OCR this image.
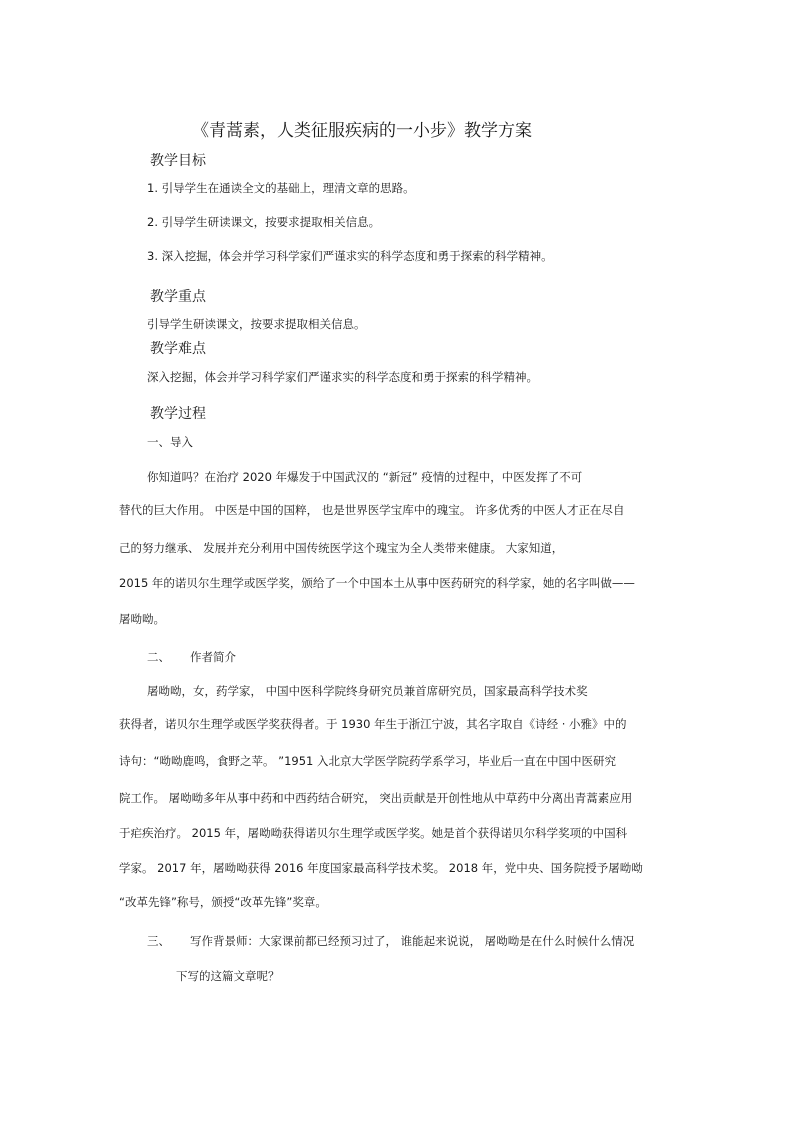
《青蒿素，人类征服疾病的一小步》教学方案
教学目标

1. 引导学生在通读全文的基础上，理清文章的思路。

2. 引导学生研读课文，按要求提取相关信息。

3. 深入挖掘，体会并学习科学家们严谨求实的科学态度和勇于探索的科学精神。

教学重点

引导学生研读课文，按要求提取相关信息。

教学难点

深入挖掘，体会并学习科学家们严谨求实的科学态度和勇于探索的科学精神。

教学过程
一、导入

你知道吗？在治疗 2020 年爆发于中国武汉的 “新冠” 疫情的过程中，中医发挥了不可

替代的巨大作用。 中医是中国的国粹， 也是世界医学宝库中的瑰宝。 许多优秀的中医人才正在尽自

己的努力继承、 发展并充分利用中国传统医学这个瑰宝为全人类带来健康。 大家知道，

2015 年的诺贝尔生理学或医学奖，颁给了一个中国本土从事中医药研究的科学家，她的名字叫做——

屠呦呦。

二、 作者简介

屠呦呦，女，药学家， 中国中医科学院终身研究员兼首席研究员，国家最高科学技术奖

获得者，诺贝尔生理学或医学奖获得者。于 1930 年生于浙江宁波，其名字取自《诗经 · 小雅》中的

诗句：“呦呦鹿鸣，食野之苹。 ”1951 入北京大学医学院药学系学习，毕业后一直在中国中医研究

院工作。 屠呦呦多年从事中药和中西药结合研究， 突出贡献是开创性地从中草药中分离出青蒿素应用

于疟疾治疗。 2015 年，屠呦呦获得诺贝尔生理学或医学奖。她是首个获得诺贝尔科学奖项的中国科

学家。 2017 年，屠呦呦获得 2016 年度国家最高科学技术奖。 2018 年，党中央、国务院授予屠呦呦

“改革先锋”称号，颁授“改革先锋”奖章。

三、 写作背景师：大家课前都已经预习过了， 谁能起来说说， 屠呦呦是在什么时候什么情况

下写的这篇文章呢？
